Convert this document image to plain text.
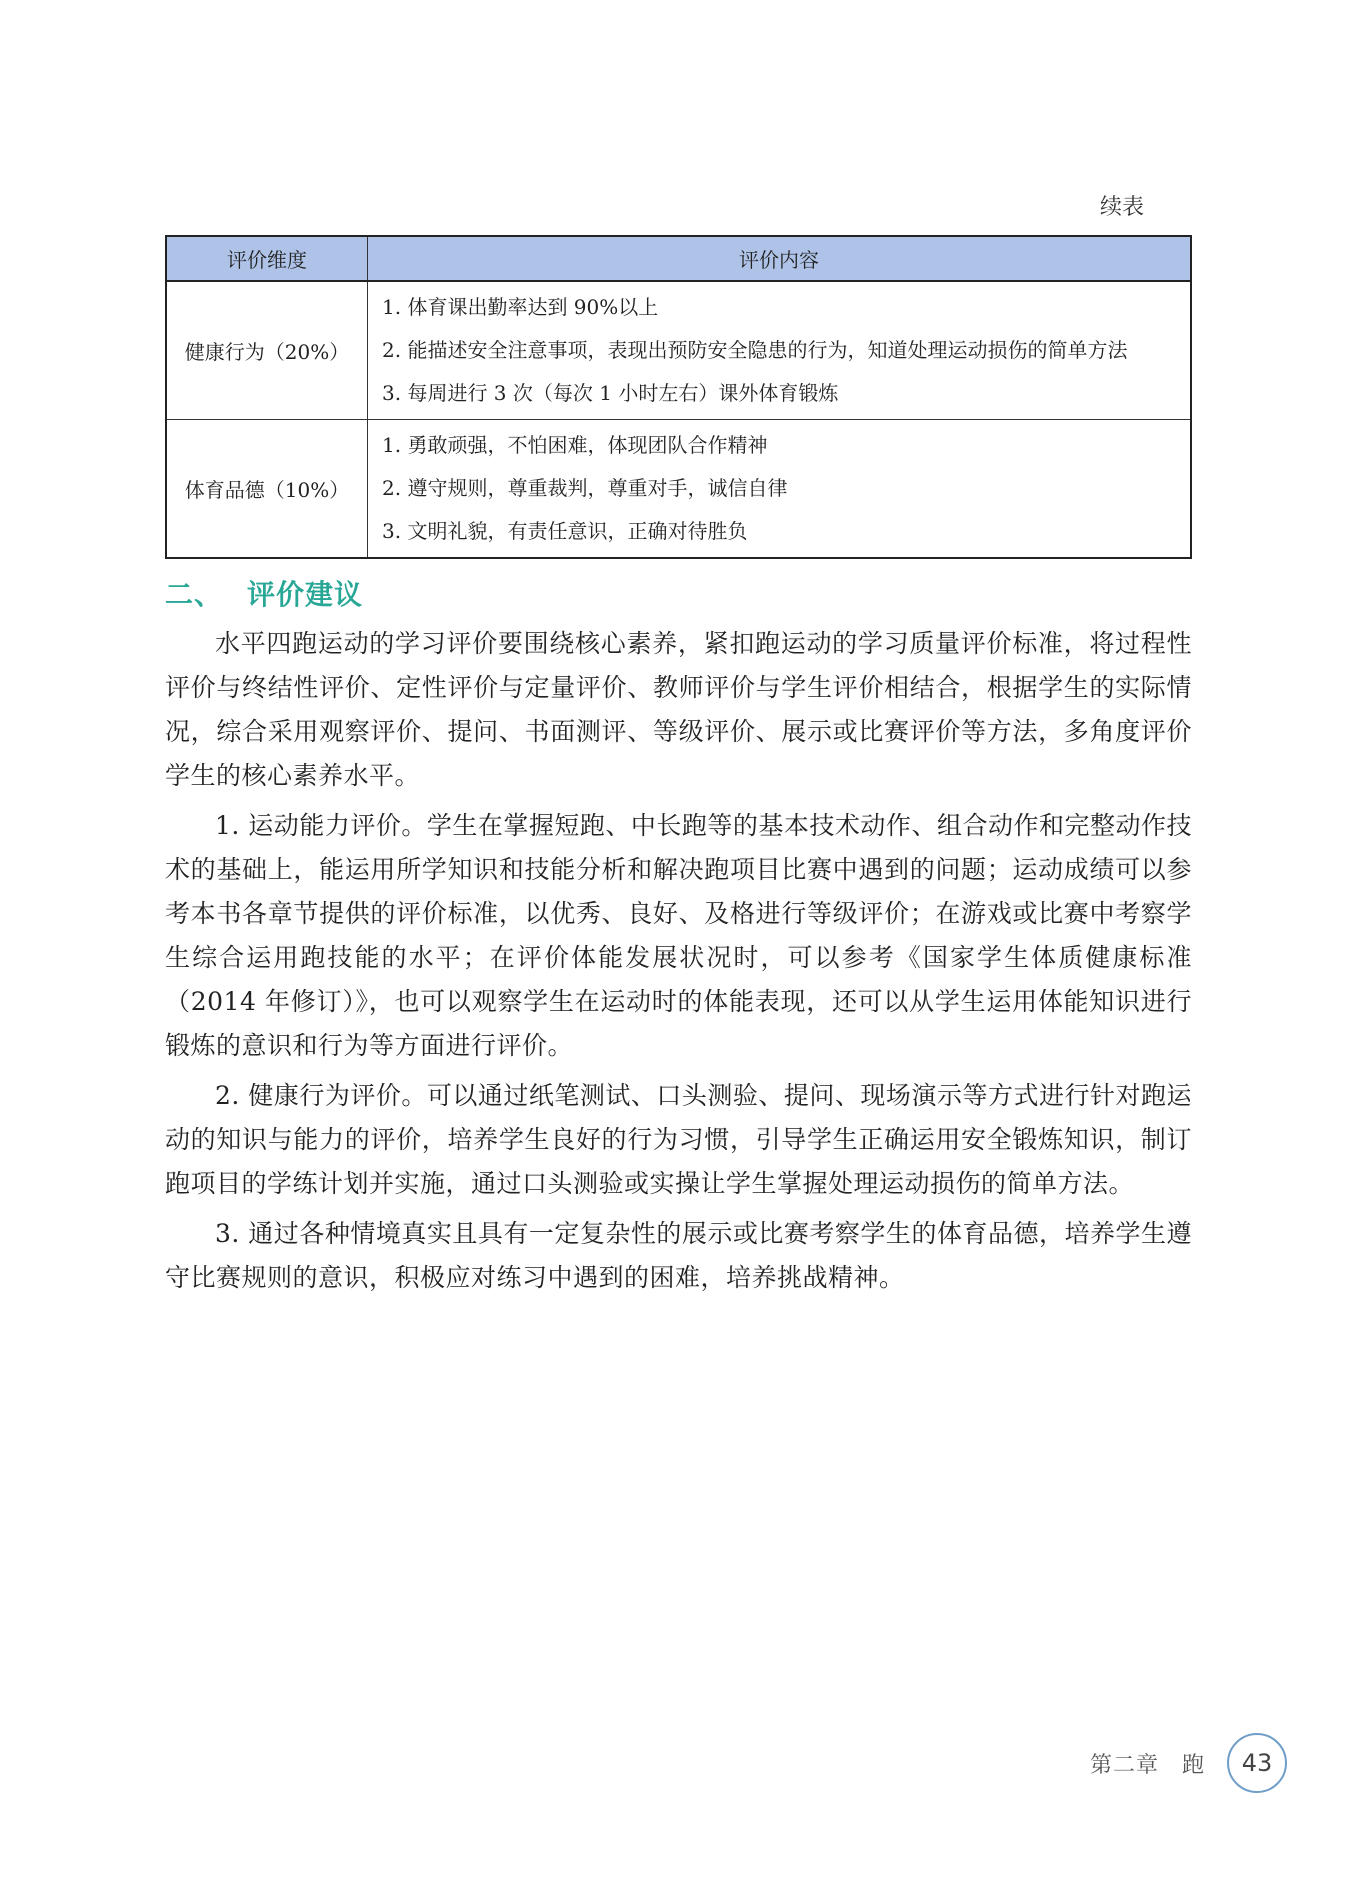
续表
评价维度	评价内容
健康行为（20%）	1. 体育课出勤率达到 90%以上
2. 能描述安全注意事项，表现出预防安全隐患的行为，知道处理运动损伤的简单方法
3. 每周进行 3 次（每次 1 小时左右）课外体育锻炼

体育品德（10%）	1. 勇敢顽强，不怕困难，体现团队合作精神
2. 遵守规则，尊重裁判，尊重对手，诚信自律
3. 文明礼貌，有责任意识，正确对待胜负
二、 评价建议

水平四跑运动的学习评价要围绕核心素养，紧扣跑运动的学习质量评价标准，将过程性评价与终结性评价、定性评价与定量评价、教师评价与学生评价相结合，根据学生的实际情况，综合采用观察评价、提问、书面测评、等级评价、展示或比赛评价等方法，多角度评价学生的核心素养水平。

1. 运动能力评价。学生在掌握短跑、中长跑等的基本技术动作、组合动作和完整动作技术的基础上，能运用所学知识和技能分析和解决跑项目比赛中遇到的问题；运动成绩可以参考本书各章节提供的评价标准，以优秀、良好、及格进行等级评价；在游戏或比赛中考察学生综合运用跑技能的水平；在评价体能发展状况时，可以参考《国家学生体质健康标准（2014 年修订）》，也可以观察学生在运动时的体能表现，还可以从学生运用体能知识进行锻炼的意识和行为等方面进行评价。

2. 健康行为评价。可以通过纸笔测试、口头测验、提问、现场演示等方式进行针对跑运动的知识与能力的评价，培养学生良好的行为习惯，引导学生正确运用安全锻炼知识，制订跑项目的学练计划并实施，通过口头测验或实操让学生掌握处理运动损伤的简单方法。

3. 通过各种情境真实且具有一定复杂性的展示或比赛考察学生的体育品德，培养学生遵守比赛规则的意识，积极应对练习中遇到的困难，培养挑战精神。

第二章　跑	43
